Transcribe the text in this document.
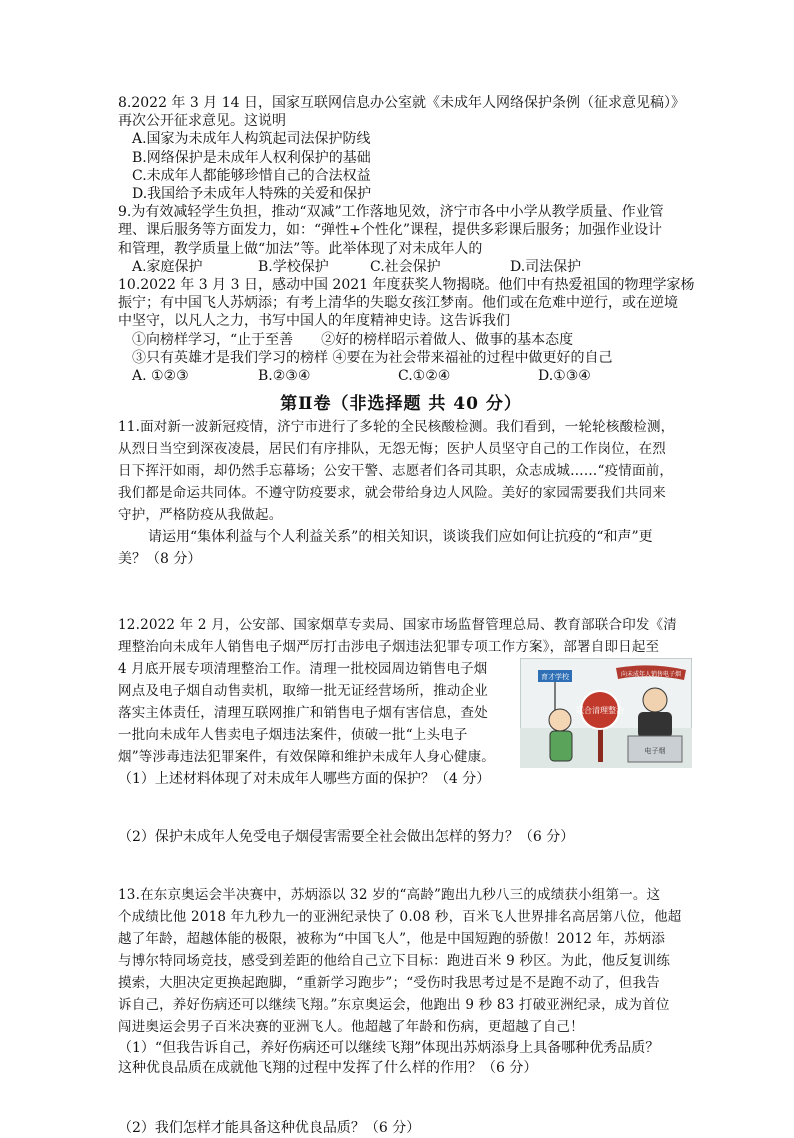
8.2022 年 3 月 14 日，国家互联网信息办公室就《未成年人网络保护条例（征求意见稿）》
再次公开征求意见。这说明
A.国家为未成年人构筑起司法保护防线
B.网络保护是未成年人权利保护的基础
C.未成年人都能够珍惜自己的合法权益
D.我国给予未成年人特殊的关爱和保护
9.为有效减轻学生负担，推动“双减”工作落地见效，济宁市各中小学从教学质量、作业管
理、课后服务等方面发力，如：“弹性+个性化”课程，提供多彩课后服务；加强作业设计
和管理，教学质量上做“加法”等。此举体现了对未成年人的
A.家庭保护	B.学校保护	C.社会保护	D.司法保护
10.2022 年 3 月 3 日，感动中国 2021 年度获奖人物揭晓。他们中有热爱祖国的物理学家杨
振宁；有中国飞人苏炳添；有考上清华的失聪女孩江梦南。他们或在危难中逆行，或在逆境
中坚守，以凡人之力，书写中国人的年度精神史诗。这告诉我们
①向榜样学习，“止于至善　　②好的榜样昭示着做人、做事的基本态度
③只有英雄才是我们学习的榜样 ④要在为社会带来福祉的过程中做更好的自己
A. ①②③	B.②③④	C.①②④	D.①③④
第Ⅱ卷（非选择题 共 40 分）
11.面对新一波新冠疫情，济宁市进行了多轮的全民核酸检测。我们看到，一轮轮核酸检测，
从烈日当空到深夜凌晨，居民们有序排队，无怨无悔；医护人员坚守自己的工作岗位，在烈
日下挥汗如雨，却仍然手忘幕场；公安干警、志愿者们各司其职，众志成城……“疫情面前，
我们都是命运共同体。不遵守防疫要求，就会带给身边人风险。美好的家园需要我们共同来
守护，严格防疫从我做起。
请运用“集体利益与个人利益关系”的相关知识，谈谈我们应如何让抗疫的“和声”更
美？（8 分）
12.2022 年 2 月，公安部、国家烟草专卖局、国家市场监督管理总局、教育部联合印发《清
理整治向未成年人销售电子烟严厉打击涉电子烟违法犯罪专项工作方案》，部署自即日起至
4 月底开展专项清理整治工作。清理一批校园周边销售电子烟
网点及电子烟自动售卖机，取缔一批无证经营场所，推动企业
落实主体责任，清理互联网推广和销售电子烟有害信息，查处
一批向未成年人售卖电子烟违法案件，侦破一批“上头电子
烟”等涉毒违法犯罪案件，有效保障和维护未成年人身心健康。
（1）上述材料体现了对未成年人哪些方面的保护？（4 分）
育才学校
联合清理整治
向未成年人销售电子烟
电子烟
（2）保护未成年人免受电子烟侵害需要全社会做出怎样的努力？（6 分）
13.在东京奥运会半决赛中，苏炳添以 32 岁的“高龄”跑出九秒八三的成绩获小组第一。这
个成绩比他 2018 年九秒九一的亚洲纪录快了 0.08 秒，百米飞人世界排名高居第八位，他超
越了年龄，超越体能的极限，被称为“中国飞人”，他是中国短跑的骄傲！2012 年，苏炳添
与博尔特同场竞技，感受到差距的他给自己立下目标：跑进百米 9 秒区。为此，他反复训练
摸索，大胆决定更换起跑脚，“重新学习跑步”；“受伤时我思考过是不是跑不动了，但我告
诉自己，养好伤病还可以继续飞翔。”东京奥运会，他跑出 9 秒 83 打破亚洲纪录，成为首位
闯进奥运会男子百米决赛的亚洲飞人。他超越了年龄和伤病，更超越了自己！
（1）“但我告诉自己，养好伤病还可以继续飞翔”体现出苏炳添身上具备哪种优秀品质？
这种优良品质在成就他飞翔的过程中发挥了什么样的作用？（6 分）
（2）我们怎样才能具备这种优良品质？（6 分）
